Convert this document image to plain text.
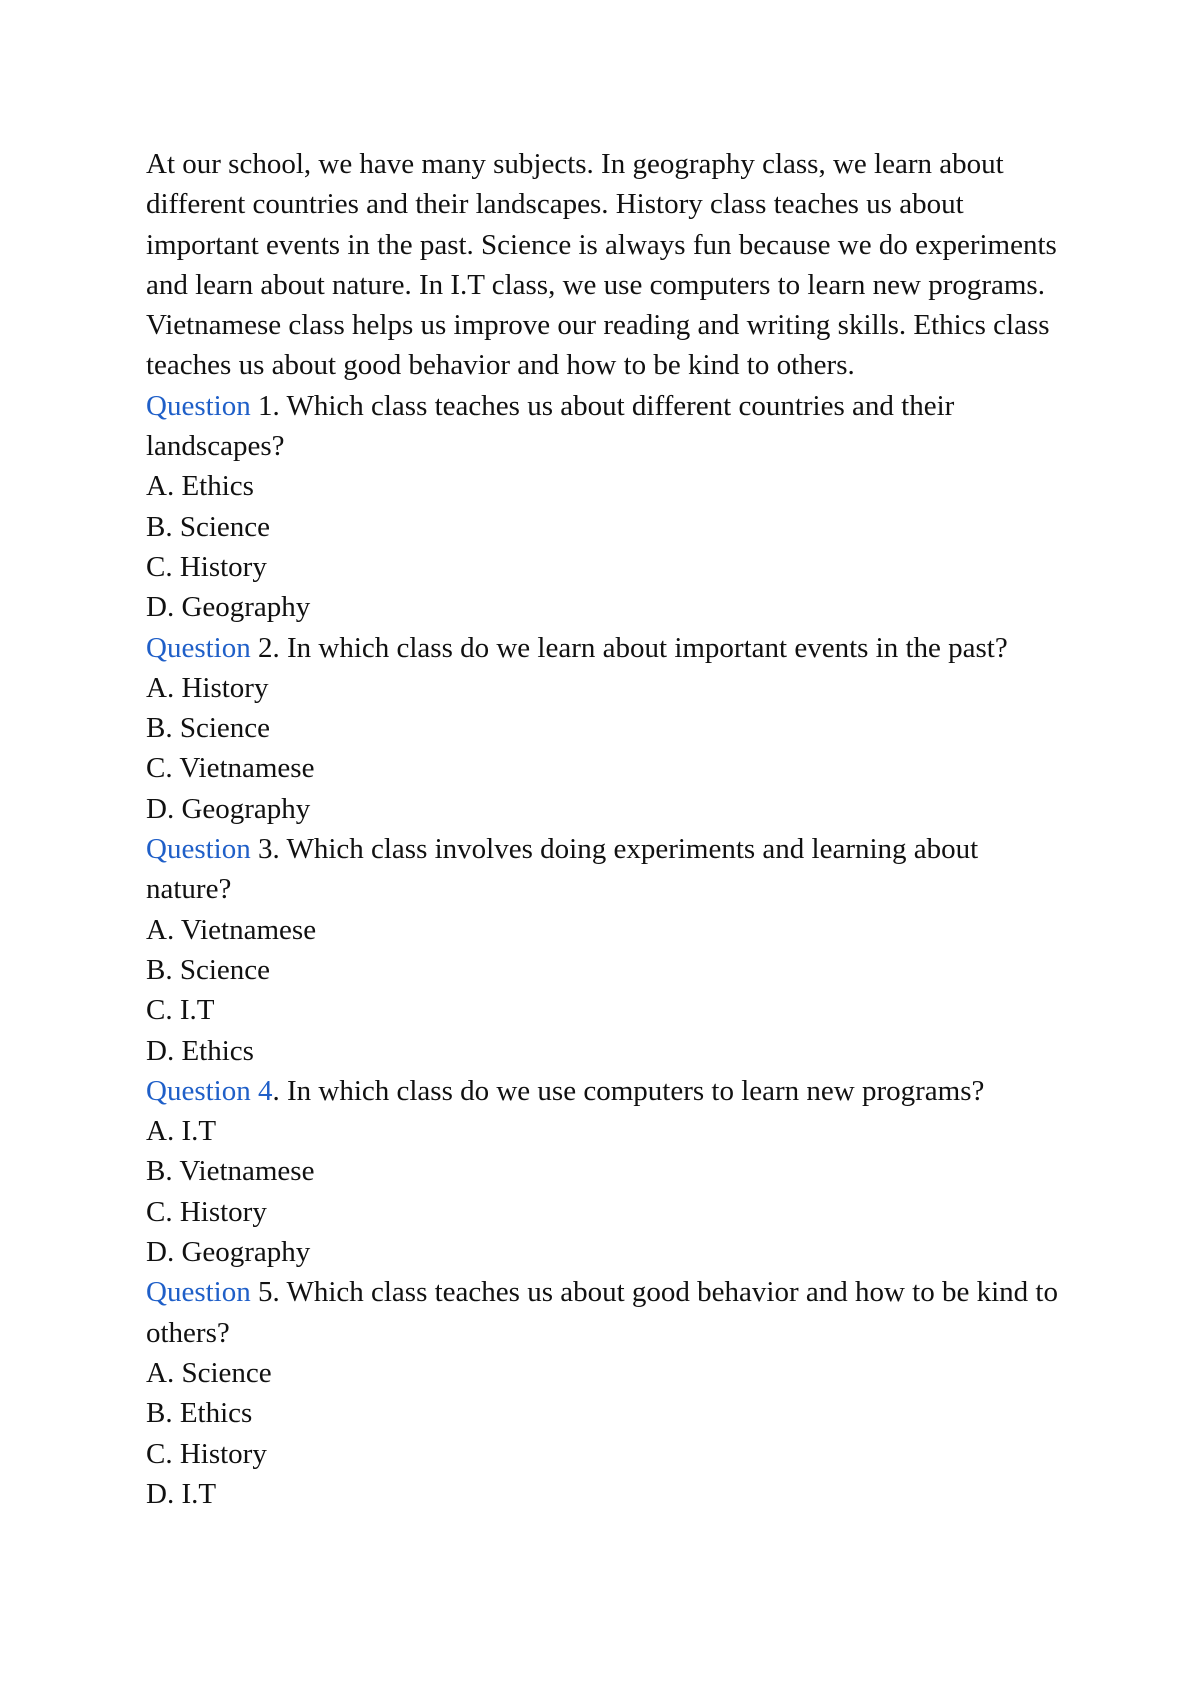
At our school, we have many subjects. In geography class, we learn about different countries and their landscapes. History class teaches us about important events in the past. Science is always fun because we do experiments and learn about nature. In I.T class, we use computers to learn new programs. Vietnamese class helps us improve our reading and writing skills. Ethics class teaches us about good behavior and how to be kind to others.

Question 1. Which class teaches us about different countries and their landscapes?

A. Ethics

B. Science

C. History

D. Geography

Question 2. In which class do we learn about important events in the past?

A. History

B. Science

C. Vietnamese

D. Geography

Question 3. Which class involves doing experiments and learning about nature?

A. Vietnamese

B. Science

C. I.T

D. Ethics

Question 4. In which class do we use computers to learn new programs?

A. I.T

B. Vietnamese

C. History

D. Geography

Question 5. Which class teaches us about good behavior and how to be kind to others?

A. Science

B. Ethics

C. History

D. I.T
